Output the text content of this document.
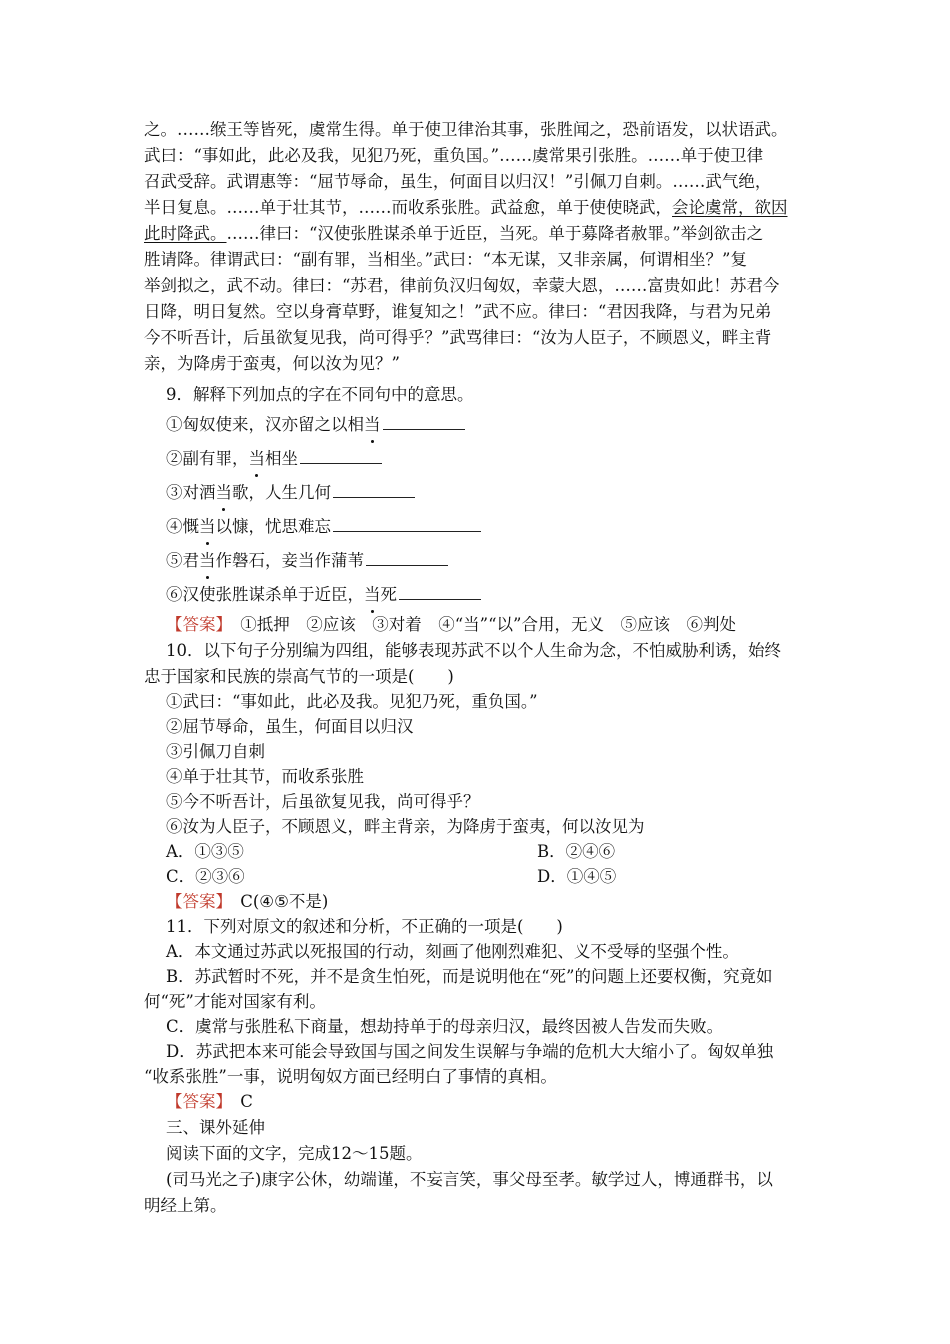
之。……缑王等皆死，虞常生得。单于使卫律治其事，张胜闻之，恐前语发，以状语武。
武曰：“事如此，此必及我，见犯乃死，重负国。”……虞常果引张胜。……单于使卫律
召武受辞。武谓惠等：“屈节辱命，虽生，何面目以归汉！”引佩刀自刺。……武气绝，
半日复息。……单于壮其节，……而收系张胜。武益愈，单于使使晓武，会论虞常，欲因
此时降武。……律曰：“汉使张胜谋杀单于近臣，当死。单于募降者赦罪。”举剑欲击之
胜请降。律谓武曰：“副有罪，当相坐。”武曰：“本无谋，又非亲属，何谓相坐？”复
举剑拟之，武不动。律曰：“苏君，律前负汉归匈奴，幸蒙大恩，……富贵如此！苏君今
日降，明日复然。空以身膏草野，谁复知之！”武不应。律曰：“君因我降，与君为兄弟
今不听吾计，后虽欲复见我，尚可得乎？”武骂律曰：“汝为人臣子，不顾恩义，畔主背
亲，为降虏于蛮夷，何以汝为见？”
9．解释下列加点的字在不同句中的意思。
①匈奴使来，汉亦留之以相当
②副有罪，当相坐
③对酒当歌，人生几何
④慨当以慷，忧思难忘
⑤君当作磐石，妾当作蒲苇
⑥汉使张胜谋杀单于近臣，当死
【答案】　 ①抵押　②应该　③对着　④“当”“以”合用，无义　⑤应该　⑥判处
10．以下句子分别编为四组，能够表现苏武不以个人生命为念，不怕威胁利诱，始终
忠于国家和民族的崇高气节的一项是(　　)
①武曰：“事如此，此必及我。见犯乃死，重负国。”
②屈节辱命，虽生，何面目以归汉
③引佩刀自刺
④单于壮其节，而收系张胜
⑤今不听吾计，后虽欲复见我，尚可得乎？
⑥汝为人臣子，不顾恩义，畔主背亲，为降虏于蛮夷，何以汝见为
A．①③⑤	B．②④⑥
C．②③⑥	D．①④⑤
【答案】　 C(④⑤不是)
11．下列对原文的叙述和分析，不正确的一项是(　　)
A．本文通过苏武以死报国的行动，刻画了他刚烈难犯、义不受辱的坚强个性。
B．苏武暂时不死，并不是贪生怕死，而是说明他在“死”的问题上还要权衡，究竟如
何“死”才能对国家有利。
C．虞常与张胜私下商量，想劫持单于的母亲归汉，最终因被人告发而失败。
D．苏武把本来可能会导致国与国之间发生误解与争端的危机大大缩小了。匈奴单独
“收系张胜”一事，说明匈奴方面已经明白了事情的真相。
【答案】　 C
三、课外延伸
阅读下面的文字，完成12～15题。
(司马光之子)康字公休，幼端谨，不妄言笑，事父母至孝。敏学过人，博通群书，以
明经上第。
